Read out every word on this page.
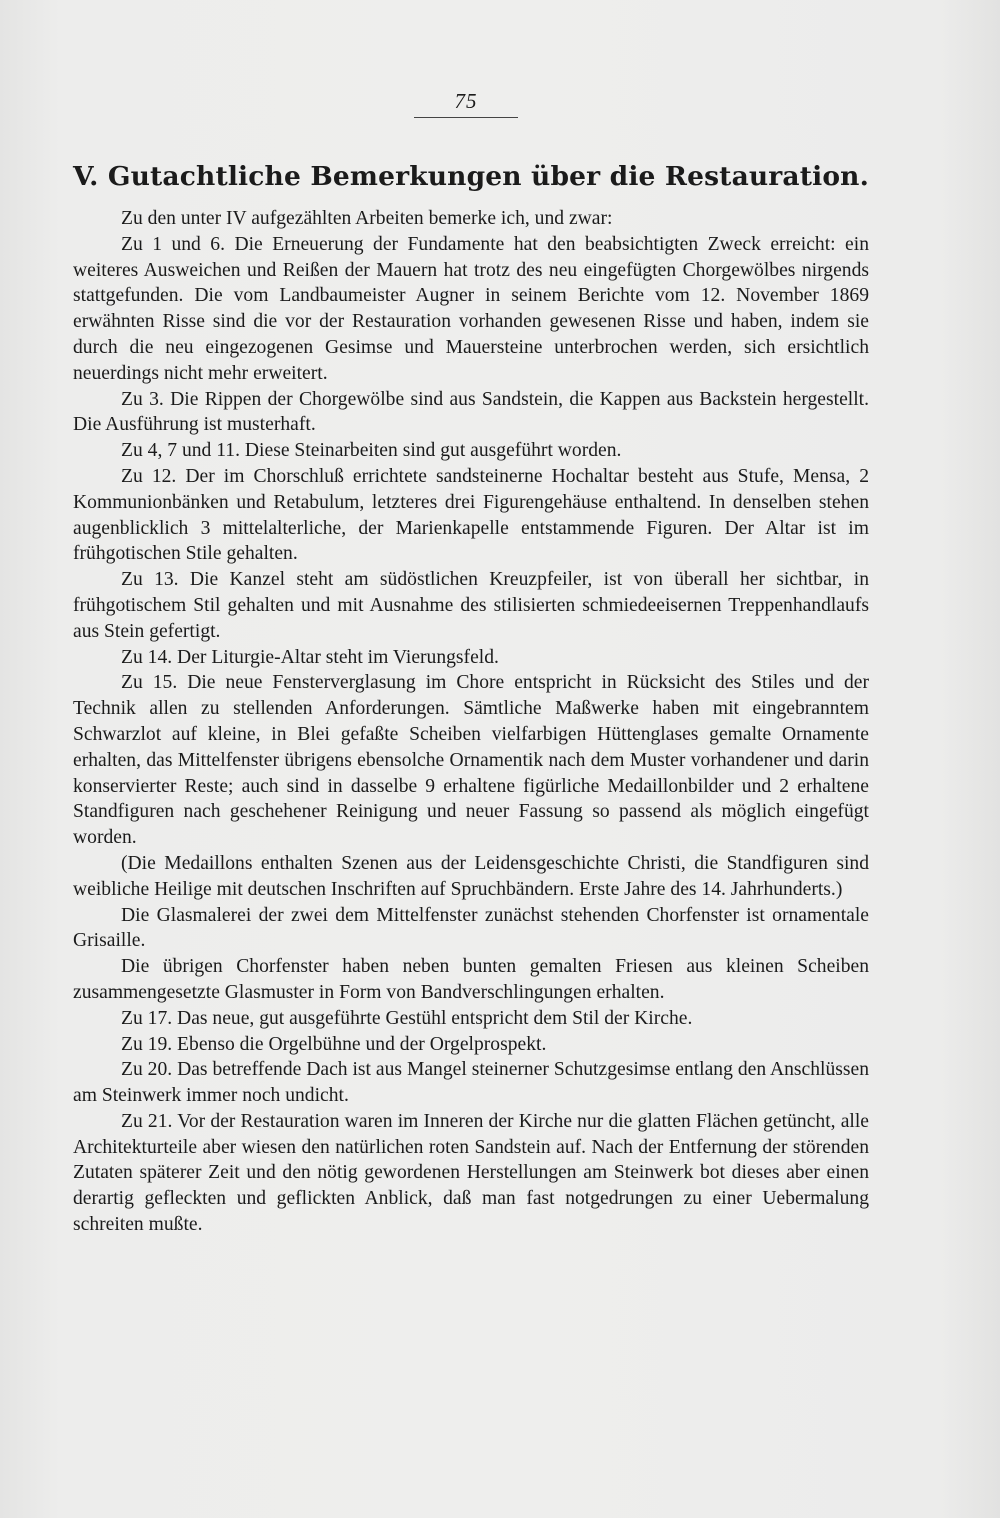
75
V. Gutachtliche Bemerkungen über die Restauration.

Zu den unter IV aufgezählten Arbeiten bemerke ich, und zwar:

Zu 1 und 6. Die Erneuerung der Fundamente hat den beabsichtigten Zweck erreicht: ein weiteres Ausweichen und Reißen der Mauern hat trotz des neu eingefügten Chorgewölbes nirgends stattgefunden. Die vom Landbaumeister Augner in seinem Berichte vom 12. November 1869 erwähnten Risse sind die vor der Restauration vorhanden gewesenen Risse und haben, indem sie durch die neu eingezogenen Gesimse und Mauersteine unterbrochen werden, sich ersichtlich neuerdings nicht mehr erweitert.

Zu 3. Die Rippen der Chorgewölbe sind aus Sandstein, die Kappen aus Backstein hergestellt. Die Ausführung ist musterhaft.

Zu 4, 7 und 11. Diese Steinarbeiten sind gut ausgeführt worden.

Zu 12. Der im Chorschluß errichtete sandsteinerne Hochaltar besteht aus Stufe, Mensa, 2 Kommunionbänken und Retabulum, letzteres drei Figurengehäuse enthaltend. In denselben stehen augenblicklich 3 mittelalterliche, der Marienkapelle entstammende Figuren. Der Altar ist im frühgotischen Stile gehalten.

Zu 13. Die Kanzel steht am südöstlichen Kreuzpfeiler, ist von überall her sichtbar, in frühgotischem Stil gehalten und mit Ausnahme des stilisierten schmiedeeisernen Treppenhandlaufs aus Stein gefertigt.

Zu 14. Der Liturgie-Altar steht im Vierungsfeld.

Zu 15. Die neue Fensterverglasung im Chore entspricht in Rücksicht des Stiles und der Technik allen zu stellenden Anforderungen. Sämtliche Maßwerke haben mit eingebranntem Schwarzlot auf kleine, in Blei gefaßte Scheiben vielfarbigen Hüttenglases gemalte Ornamente erhalten, das Mittelfenster übrigens ebensolche Ornamentik nach dem Muster vorhandener und darin konservierter Reste; auch sind in dasselbe 9 erhaltene figürliche Medaillonbilder und 2 erhaltene Standfiguren nach geschehener Reinigung und neuer Fassung so passend als möglich eingefügt worden.

(Die Medaillons enthalten Szenen aus der Leidensgeschichte Christi, die Standfiguren sind weibliche Heilige mit deutschen Inschriften auf Spruchbändern. Erste Jahre des 14. Jahrhunderts.)

Die Glasmalerei der zwei dem Mittelfenster zunächst stehenden Chorfenster ist ornamentale Grisaille.

Die übrigen Chorfenster haben neben bunten gemalten Friesen aus kleinen Scheiben zusammengesetzte Glasmuster in Form von Bandverschlingungen erhalten.

Zu 17. Das neue, gut ausgeführte Gestühl entspricht dem Stil der Kirche.

Zu 19. Ebenso die Orgelbühne und der Orgelprospekt.

Zu 20. Das betreffende Dach ist aus Mangel steinerner Schutzgesimse entlang den Anschlüssen am Steinwerk immer noch undicht.

Zu 21. Vor der Restauration waren im Inneren der Kirche nur die glatten Flächen getüncht, alle Architekturteile aber wiesen den natürlichen roten Sandstein auf. Nach der Entfernung der störenden Zutaten späterer Zeit und den nötig gewordenen Herstellungen am Steinwerk bot dieses aber einen derartig gefleckten und geflickten Anblick, daß man fast notgedrungen zu einer Uebermalung schreiten mußte.
